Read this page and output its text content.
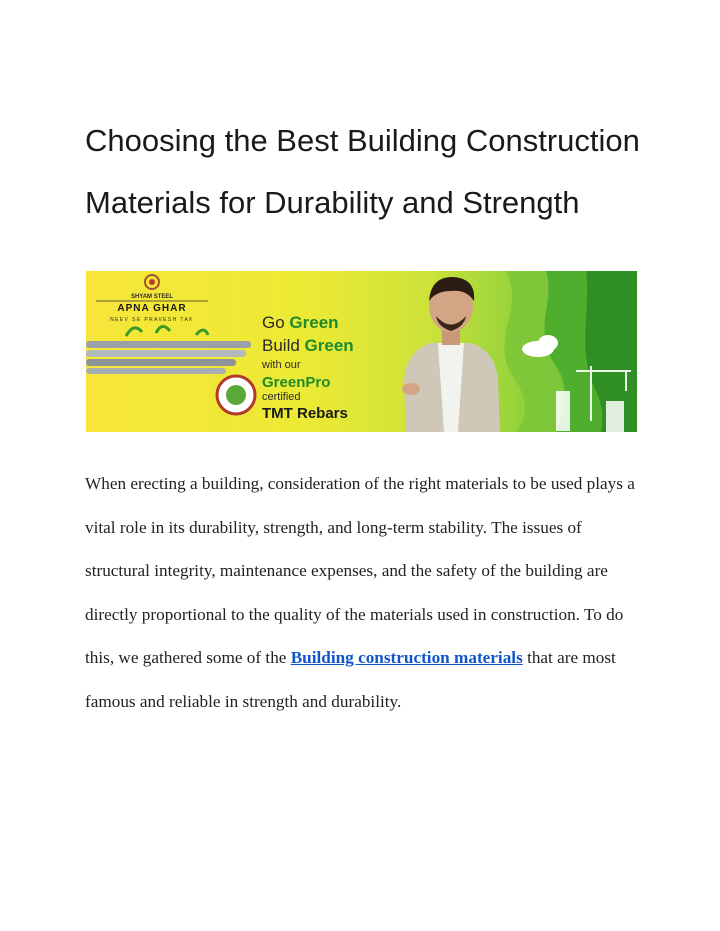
Choosing the Best Building Construction
Materials for Durability and Strength
SHYAM STEEL
APNA GHAR
NEEV SE PRAVESH TAK	Go Green
Build Green
with our
GreenPro
certified
TMT Rebars

When erecting a building, consideration of the right materials to be used plays a vital role in its durability, strength, and long-term stability. The issues of structural integrity, maintenance expenses, and the safety of the building are directly proportional to the quality of the materials used in construction. To do this, we gathered some of the Building construction materials that are most famous and reliable in strength and durability.
